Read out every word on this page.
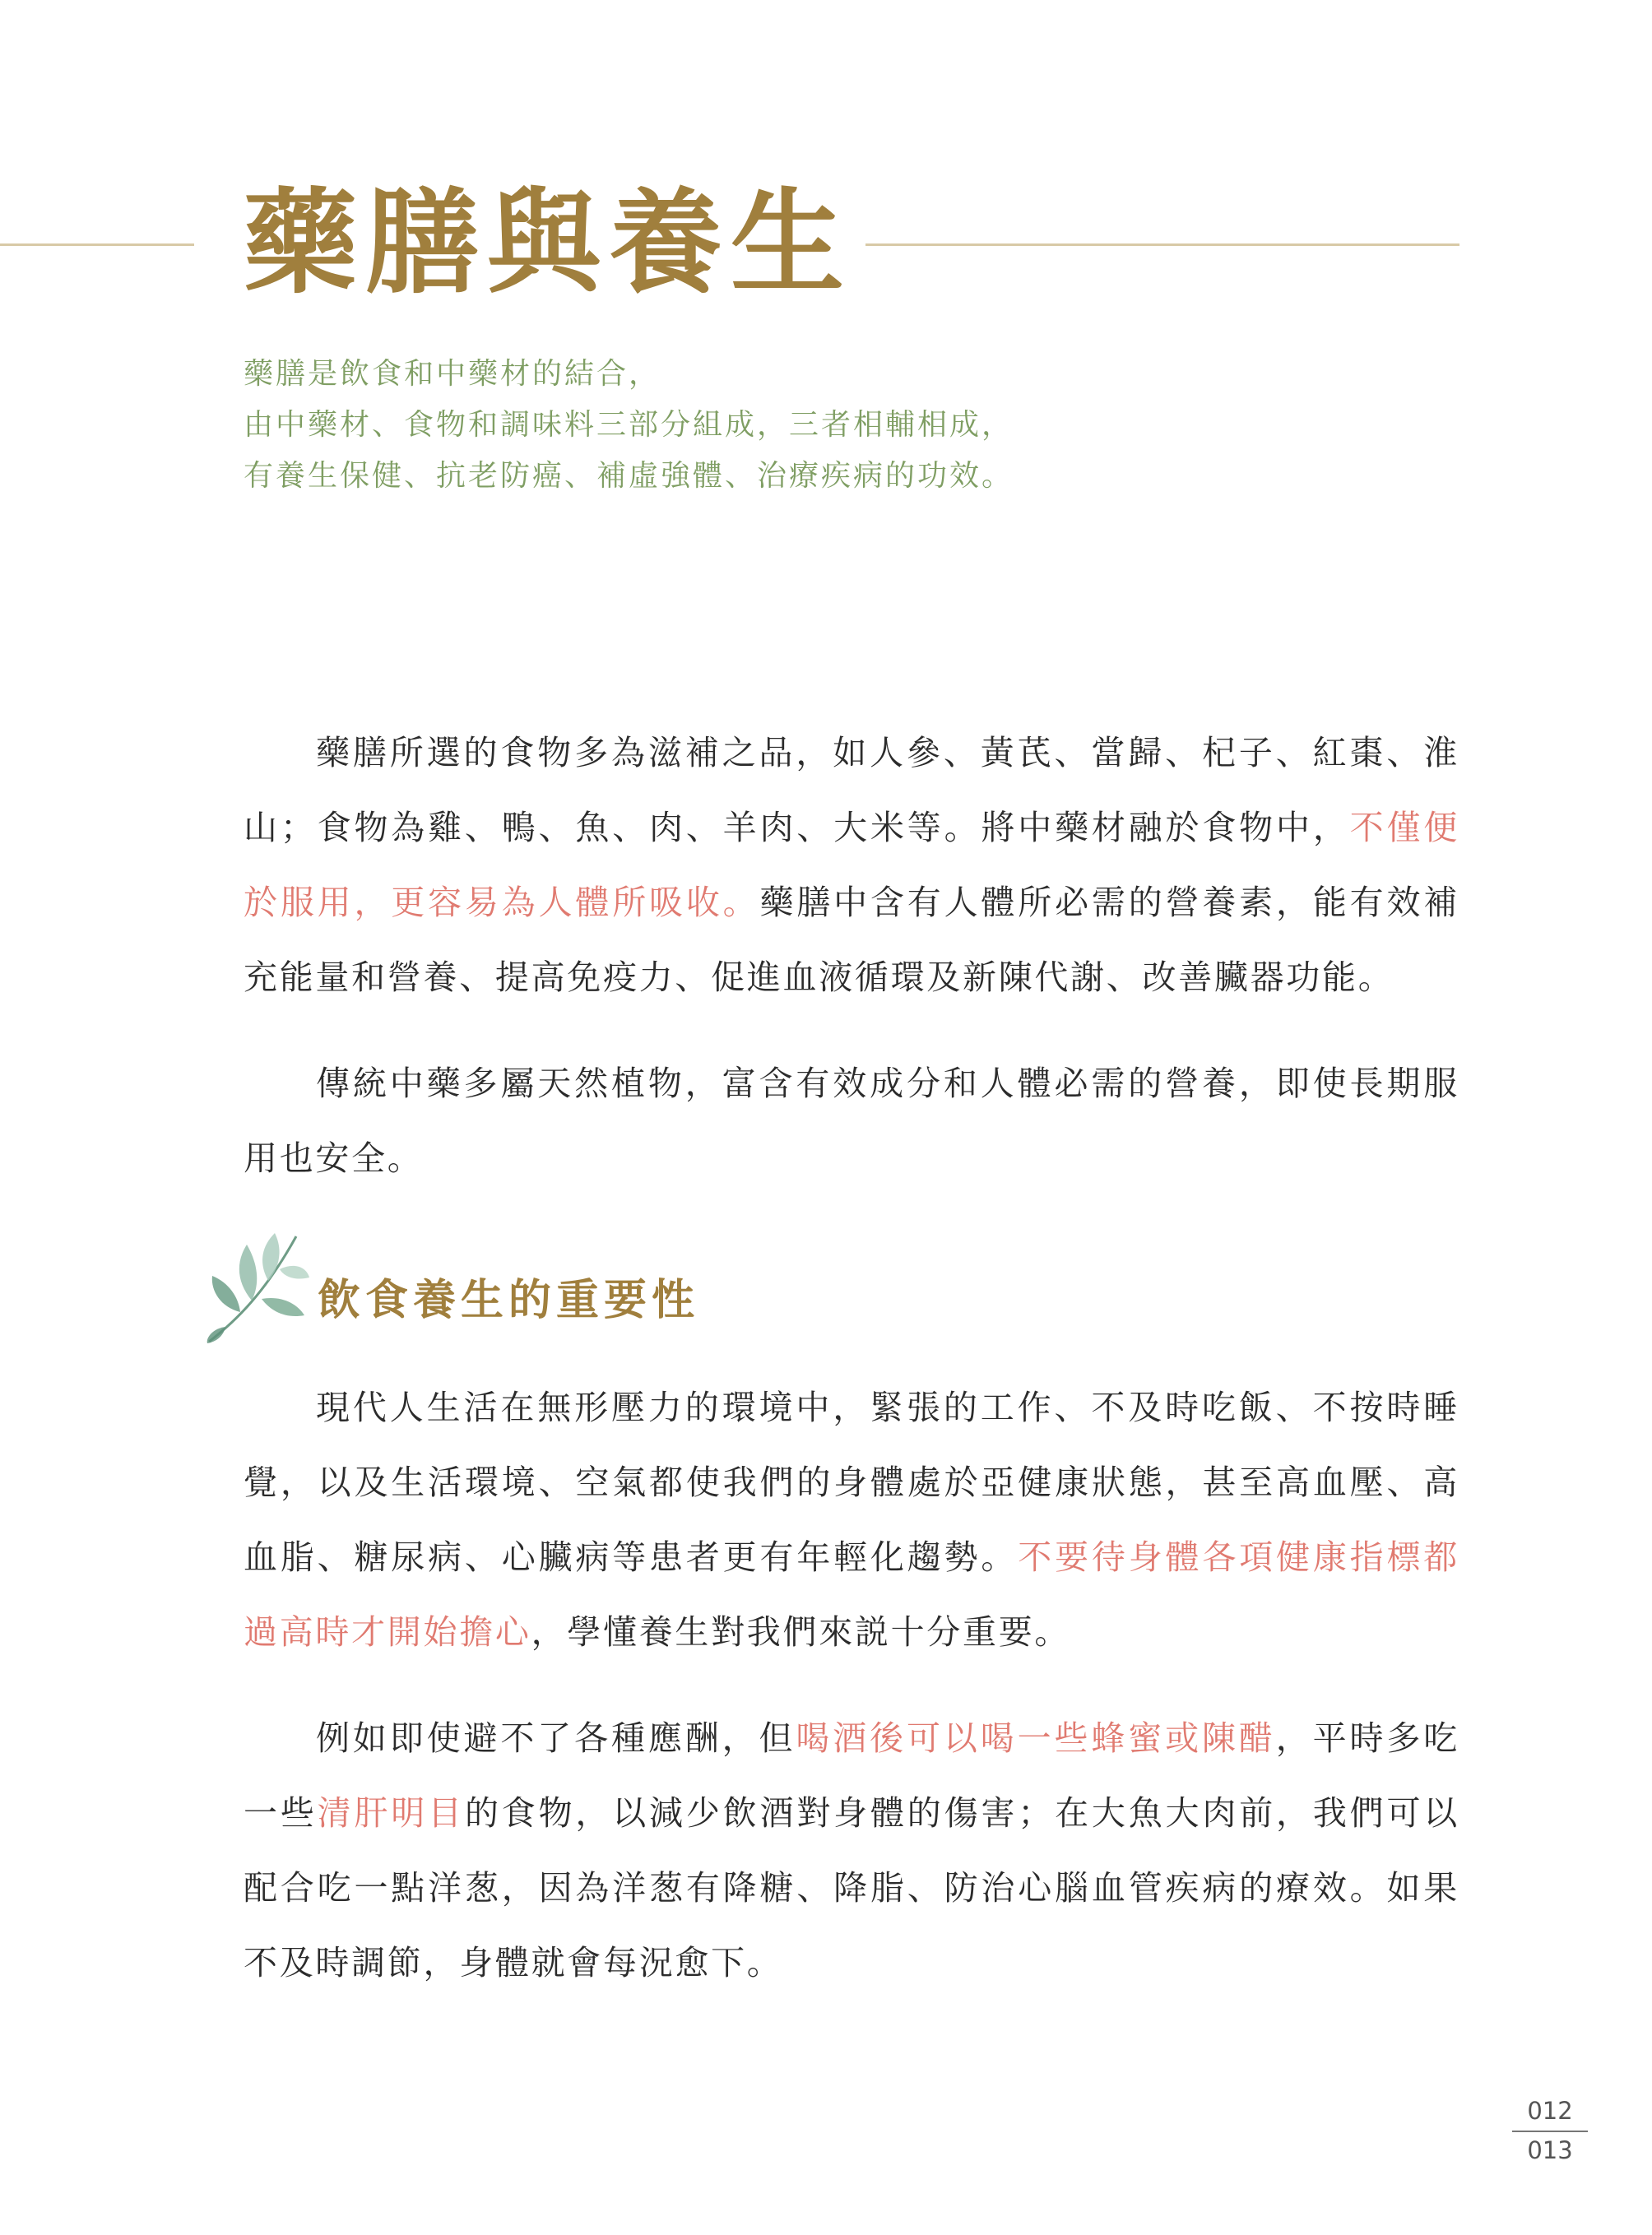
藥膳與養生
藥膳是飲食和中藥材的結合，
由中藥材、食物和調味料三部分組成，三者相輔相成，
有養生保健、抗老防癌、補虛強體、治療疾病的功效。

藥膳所選的食物多為滋補之品，如人參、黃芪、當歸、杞子、紅棗、淮山；食物為雞、鴨、魚、肉、羊肉、大米等。將中藥材融於食物中，不僅便於服用，更容易為人體所吸收。藥膳中含有人體所必需的營養素，能有效補充能量和營養、提高免疫力、促進血液循環及新陳代謝、改善臟器功能。

傳統中藥多屬天然植物，富含有效成分和人體必需的營養，即使長期服用也安全。

飲食養生的重要性

現代人生活在無形壓力的環境中，緊張的工作、不及時吃飯、不按時睡覺，以及生活環境、空氣都使我們的身體處於亞健康狀態，甚至高血壓、高血脂、糖尿病、心臟病等患者更有年輕化趨勢。不要待身體各項健康指標都過高時才開始擔心，學懂養生對我們來説十分重要。

例如即使避不了各種應酬，但喝酒後可以喝一些蜂蜜或陳醋，平時多吃一些清肝明目的食物，以減少飲酒對身體的傷害；在大魚大肉前，我們可以配合吃一點洋葱，因為洋葱有降糖、降脂、防治心腦血管疾病的療效。如果不及時調節，身體就會每況愈下。

012
013
